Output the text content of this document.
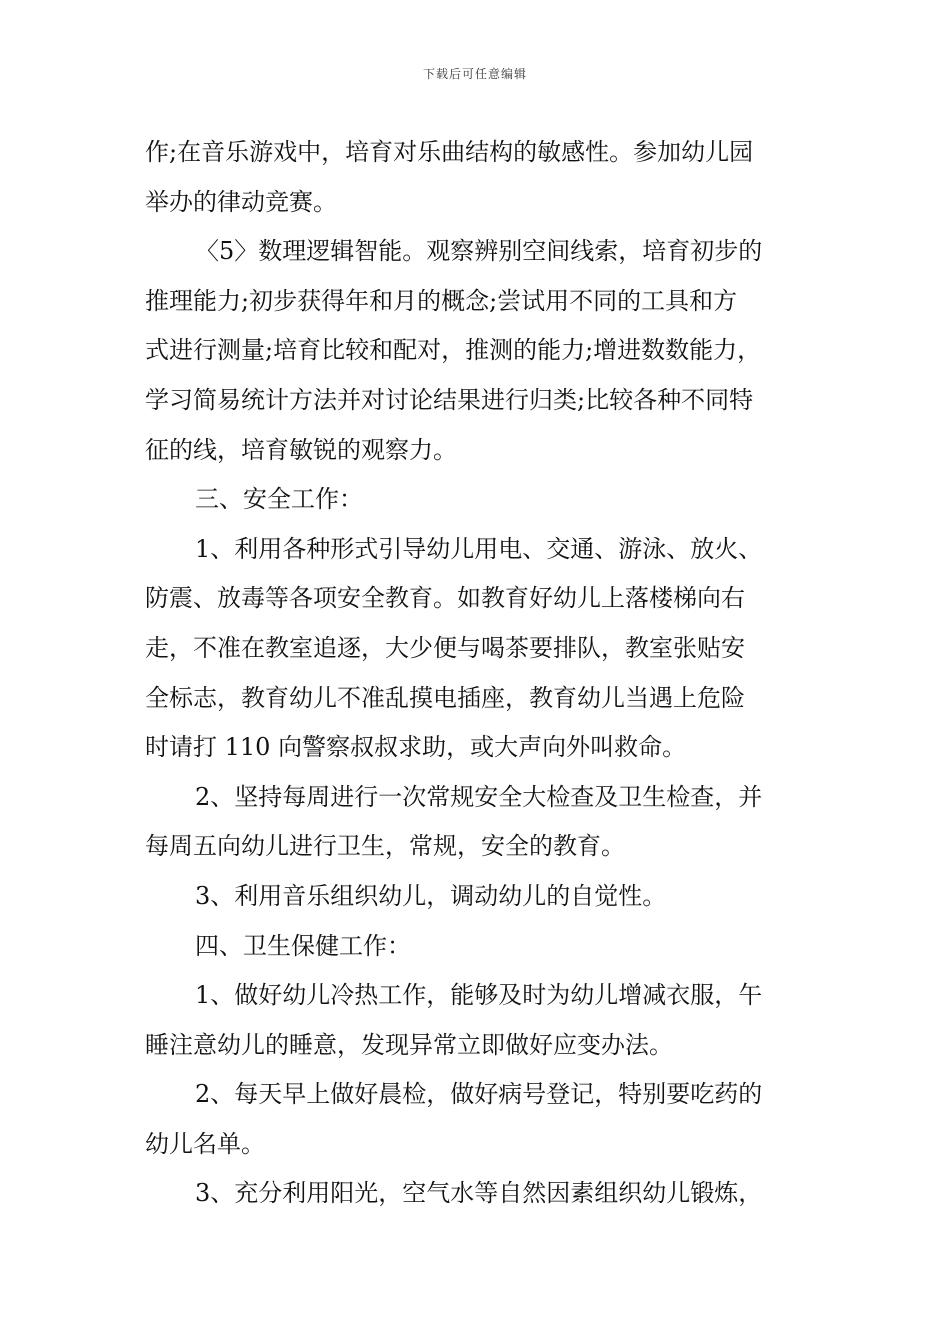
下载后可任意编辑
作;在音乐游戏中，培育对乐曲结构的敏感性。参加幼儿园
举办的律动竞赛。
〈5〉数理逻辑智能。观察辨别空间线索，培育初步的
推理能力;初步获得年和月的概念;尝试用不同的工具和方
式进行测量;培育比较和配对，推测的能力;增进数数能力，
学习简易统计方法并对讨论结果进行归类;比较各种不同特
征的线，培育敏锐的观察力。
三、安全工作：
1、利用各种形式引导幼儿用电、交通、游泳、放火、
防震、放毒等各项安全教育。如教育好幼儿上落楼梯向右
走，不准在教室追逐，大少便与喝茶要排队，教室张贴安
全标志，教育幼儿不准乱摸电插座，教育幼儿当遇上危险
时请打 110 向警察叔叔求助，或大声向外叫救命。
2、坚持每周进行一次常规安全大检查及卫生检查，并
每周五向幼儿进行卫生，常规，安全的教育。
3、利用音乐组织幼儿，调动幼儿的自觉性。
四、卫生保健工作：
1、做好幼儿冷热工作，能够及时为幼儿增减衣服，午
睡注意幼儿的睡意，发现异常立即做好应变办法。
2、每天早上做好晨检，做好病号登记，特别要吃药的
幼儿名单。
3、充分利用阳光，空气水等自然因素组织幼儿锻炼，
